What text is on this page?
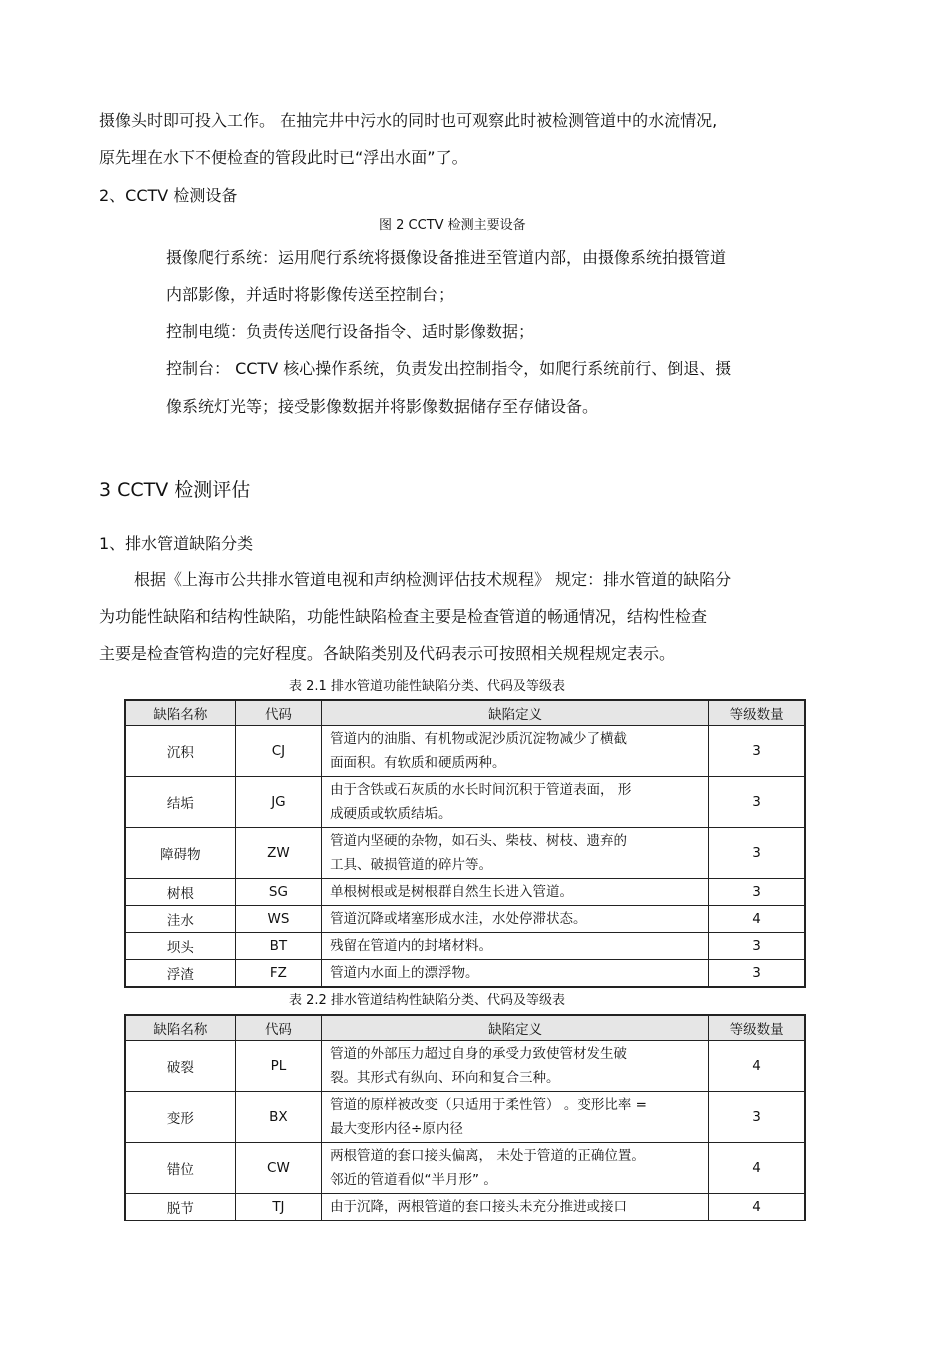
摄像头时即可投入工作。 在抽完井中污水的同时也可观察此时被检测管道中的水流情况,
原先埋在水下不便检查的管段此时已“浮出水面”了。
2、CCTV 检测设备
图 2 CCTV 检测主要设备
摄像爬行系统：运用爬行系统将摄像设备推进至管道内部，由摄像系统拍摄管道
内部影像，并适时将影像传送至控制台；
控制电缆：负责传送爬行设备指令、适时影像数据；
控制台： CCTV 核心操作系统，负责发出控制指令，如爬行系统前行、倒退、摄
像系统灯光等；接受影像数据并将影像数据储存至存储设备。
3 CCTV 检测评估
1、排水管道缺陷分类
根据《上海市公共排水管道电视和声纳检测评估技术规程》 规定：排水管道的缺陷分
为功能性缺陷和结构性缺陷，功能性缺陷检查主要是检查管道的畅通情况，结构性检查
主要是检查管构造的完好程度。各缺陷类别及代码表示可按照相关规程规定表示。
表 2.1 排水管道功能性缺陷分类、代码及等级表
缺陷名称	代码	缺陷定义	等级数量
沉积	CJ	管道内的油脂、有机物或泥沙质沉淀物减少了横截
面面积。有软质和硬质两种。	3
结垢	JG	由于含铁或石灰质的水长时间沉积于管道表面， 形
成硬质或软质结垢。	3
障碍物	ZW	管道内坚硬的杂物，如石头、柴枝、树枝、遗弃的
工具、破损管道的碎片等。	3
树根	SG	单根树根或是树根群自然生长进入管道。	3
洼水	WS	管道沉降或堵塞形成水洼，水处停滞状态。	4
坝头	BT	残留在管道内的封堵材料。	3
浮渣	FZ	管道内水面上的漂浮物。	3
表 2.2 排水管道结构性缺陷分类、代码及等级表
缺陷名称	代码	缺陷定义	等级数量
破裂	PL	管道的外部压力超过自身的承受力致使管材发生破
裂。其形式有纵向、环向和复合三种。	4
变形	BX	管道的原样被改变（只适用于柔性管） 。变形比率 =
最大变形内径÷原内径	3
错位	CW	两根管道的套口接头偏离， 未处于管道的正确位置。
邻近的管道看似“半月形” 。	4
脱节	TJ	由于沉降，两根管道的套口接头未充分推进或接口	4
